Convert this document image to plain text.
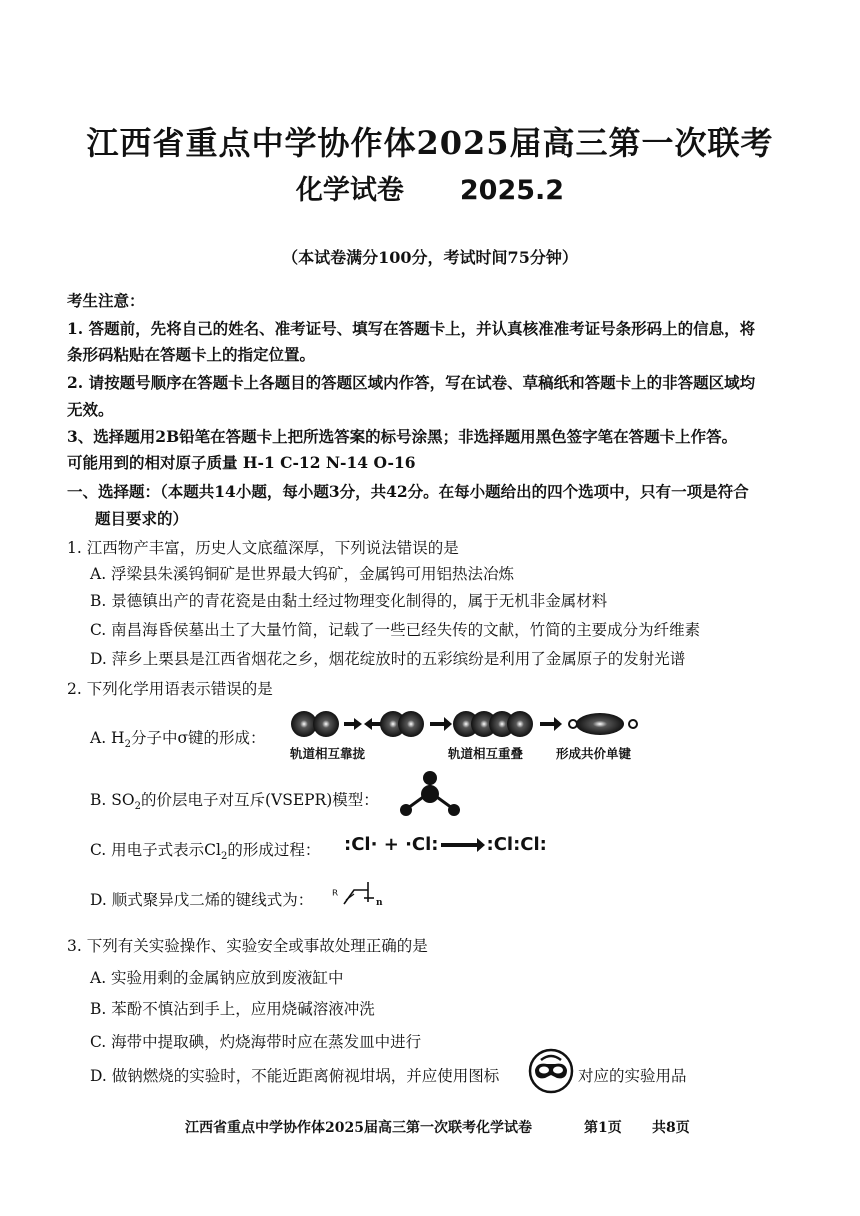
江西省重点中学协作体2025届高三第一次联考
化学试卷 2025.2
（本试卷满分100分，考试时间75分钟）
考生注意：
1. 答题前，先将自己的姓名、准考证号、填写在答题卡上，并认真核准准考证号条形码上的信息，将
条形码粘贴在答题卡上的指定位置。
2. 请按题号顺序在答题卡上各题目的答题区域内作答，写在试卷、草稿纸和答题卡上的非答题区域均
无效。
3、选择题用2B铅笔在答题卡上把所选答案的标号涂黑；非选择题用黑色签字笔在答题卡上作答。
可能用到的相对原子质量 H-1 C-12 N-14 O-16
一、选择题：（本题共14小题，每小题3分，共42分。在每小题给出的四个选项中，只有一项是符合
题目要求的）
1. 江西物产丰富，历史人文底蕴深厚，下列说法错误的是
A. 浮梁县朱溪钨铜矿是世界最大钨矿，金属钨可用铝热法冶炼
B. 景德镇出产的青花瓷是由黏土经过物理变化制得的，属于无机非金属材料
C. 南昌海昏侯墓出土了大量竹简，记载了一些已经失传的文献，竹简的主要成分为纤维素
D. 萍乡上栗县是江西省烟花之乡，烟花绽放时的五彩缤纷是利用了金属原子的发射光谱
2. 下列化学用语表示错误的是
A. $H_2$分子中σ键的形成：
轨道相互靠拢	轨道相互重叠	形成共价单键
B. $SO_2$的价层电子对互斥(VSEPR)模型：
C. 用电子式表示$Cl_2$的形成过程： :Cl· + ·Cl:	:Cl:Cl:
D. 顺式聚异戊二烯的键线式为： ᴿ	n
3. 下列有关实验操作、实验安全或事故处理正确的是
A. 实验用剩的金属钠应放到废液缸中
B. 苯酚不慎沾到手上，应用烧碱溶液冲洗
C. 海带中提取碘，灼烧海带时应在蒸发皿中进行
D. 做钠燃烧的实验时，不能近距离俯视坩埚，并应使用图标	对应的实验用品
江西省重点中学协作体2025届高三第一次联考化学试卷	第1页 共8页
